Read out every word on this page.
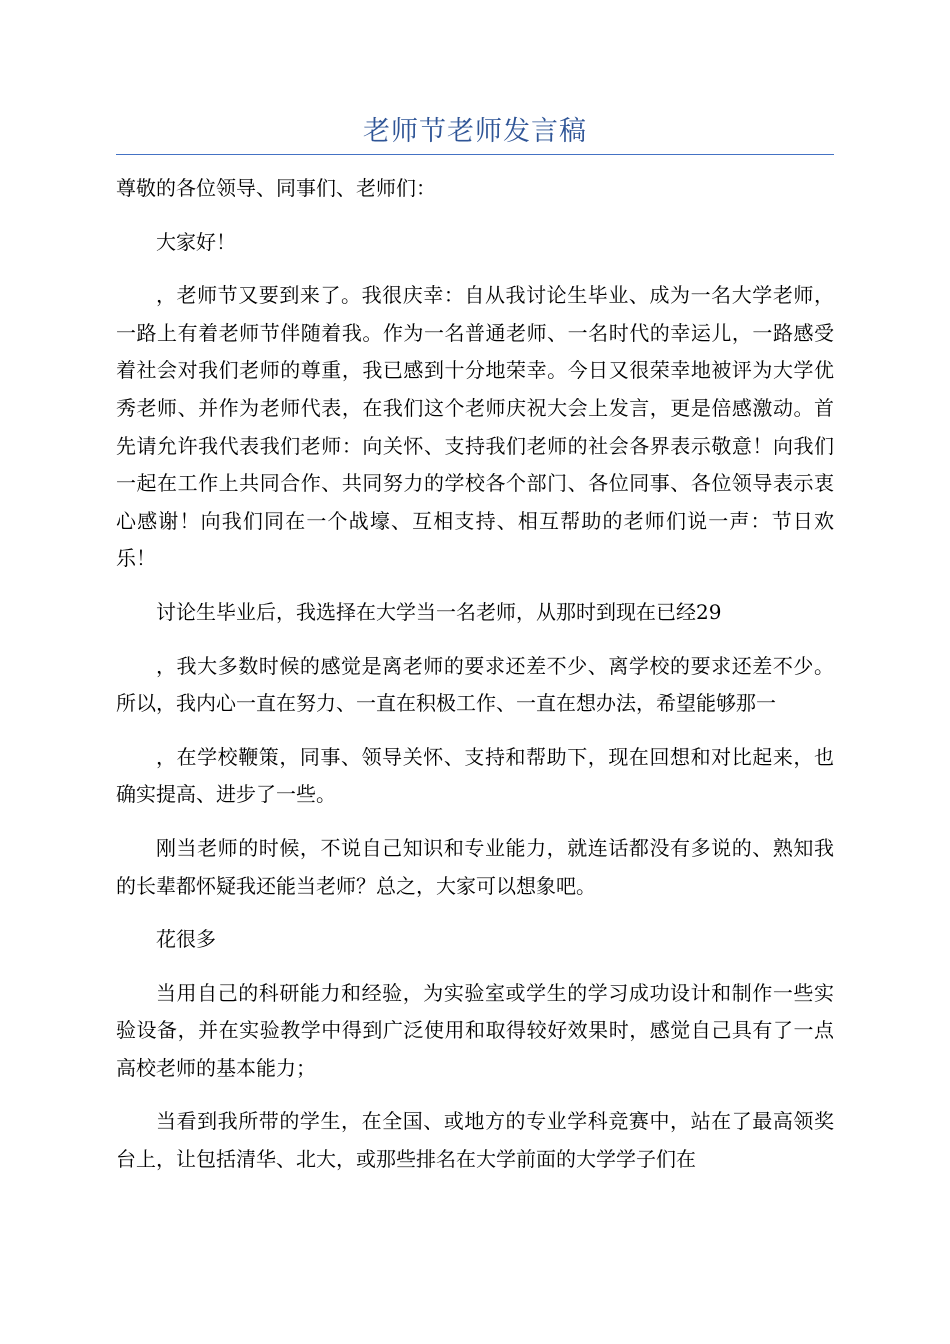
老师节老师发言稿

尊敬的各位领导、同事们、老师们：

大家好！

，老师节又要到来了。我很庆幸：自从我讨论生毕业、成为一名大学老师，一路上有着老师节伴随着我。作为一名普通老师、一名时代的幸运儿，一路感受着社会对我们老师的尊重，我已感到十分地荣幸。今日又很荣幸地被评为大学优秀老师、并作为老师代表，在我们这个老师庆祝大会上发言，更是倍感激动。首先请允许我代表我们老师：向关怀、支持我们老师的社会各界表示敬意！向我们一起在工作上共同合作、共同努力的学校各个部门、各位同事、各位领导表示衷心感谢！向我们同在一个战壕、互相支持、相互帮助的老师们说一声：节日欢乐！

讨论生毕业后，我选择在大学当一名老师，从那时到现在已经29

，我大多数时候的感觉是离老师的要求还差不少、离学校的要求还差不少。所以，我内心一直在努力、一直在积极工作、一直在想办法，希望能够那一

，在学校鞭策，同事、领导关怀、支持和帮助下，现在回想和对比起来，也确实提高、进步了一些。

刚当老师的时候，不说自己知识和专业能力，就连话都没有多说的、熟知我的长辈都怀疑我还能当老师？总之，大家可以想象吧。

花很多

当用自己的科研能力和经验，为实验室或学生的学习成功设计和制作一些实验设备，并在实验教学中得到广泛使用和取得较好效果时，感觉自己具有了一点高校老师的基本能力；

当看到我所带的学生，在全国、或地方的专业学科竞赛中，站在了最高领奖台上，让包括清华、北大，或那些排名在大学前面的大学学子们在
